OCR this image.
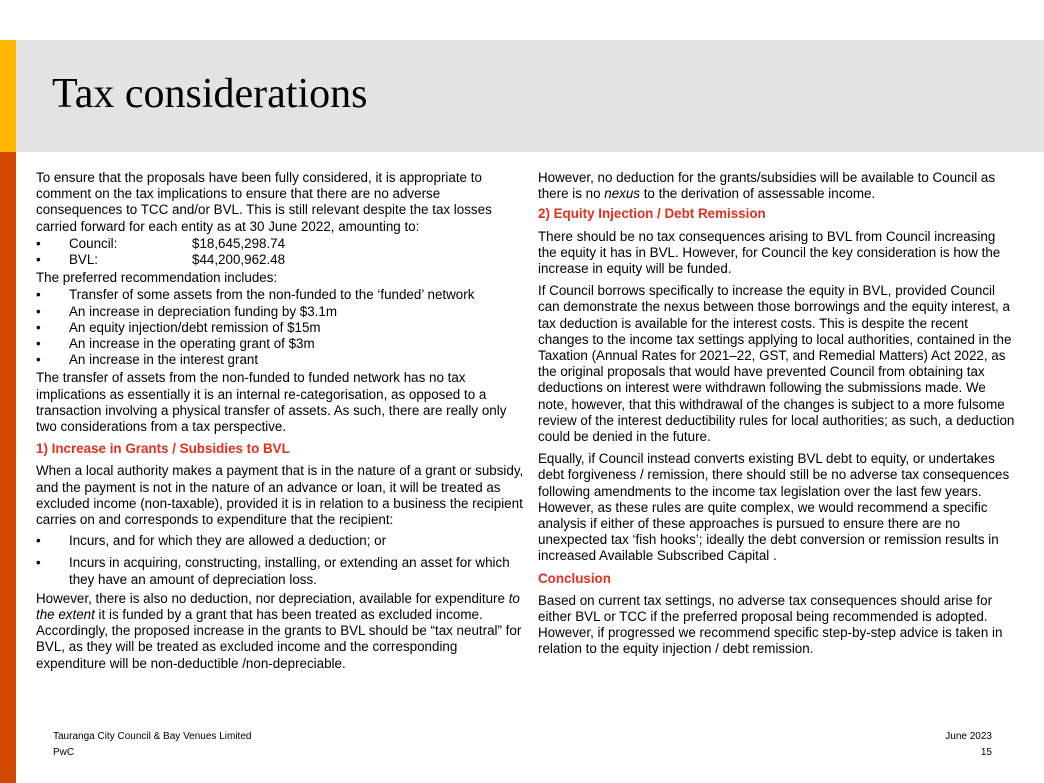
Tax considerations

To ensure that the proposals have been fully considered, it is appropriate to comment on the tax implications to ensure that there are no adverse consequences to TCC and/or BVL. This is still relevant despite the tax losses carried forward for each entity as at 30 June 2022, amounting to:

•	Council:	$18,645,298.74
•	BVL:	$44,200,962.48

The preferred recommendation includes:

•	Transfer of some assets from the non-funded to the ‘funded’ network
•	An increase in depreciation funding by $3.1m
•	An equity injection/debt remission of $15m
•	An increase in the operating grant of $3m
•	An increase in the interest grant

The transfer of assets from the non-funded to funded network has no tax implications as essentially it is an internal re-categorisation, as opposed to a transaction involving a physical transfer of assets. As such, there are really only two considerations from a tax perspective.

1) Increase in Grants / Subsidies to BVL

When a local authority makes a payment that is in the nature of a grant or subsidy, and the payment is not in the nature of an advance or loan, it will be treated as excluded income (non-taxable), provided it is in relation to a business the recipient carries on and corresponds to expenditure that the recipient:

•	Incurs, and for which they are allowed a deduction; or
•	Incurs in acquiring, constructing, installing, or extending an asset for which they have an amount of depreciation loss.

However, there is also no deduction, nor depreciation, available for expenditure to the extent it is funded by a grant that has been treated as excluded income. Accordingly, the proposed increase in the grants to BVL should be “tax neutral” for BVL, as they will be treated as excluded income and the corresponding expenditure will be non-deductible /non-depreciable.

However, no deduction for the grants/subsidies will be available to Council as there is no nexus to the derivation of assessable income.

2) Equity Injection / Debt Remission

There should be no tax consequences arising to BVL from Council increasing the equity it has in BVL. However, for Council the key consideration is how the increase in equity will be funded.

If Council borrows specifically to increase the equity in BVL, provided Council can demonstrate the nexus between those borrowings and the equity interest, a tax deduction is available for the interest costs. This is despite the recent changes to the income tax settings applying to local authorities, contained in the Taxation (Annual Rates for 2021–22, GST, and Remedial Matters) Act 2022, as the original proposals that would have prevented Council from obtaining tax deductions on interest were withdrawn following the submissions made. We note, however, that this withdrawal of the changes is subject to a more fulsome review of the interest deductibility rules for local authorities; as such, a deduction could be denied in the future.

Equally, if Council instead converts existing BVL debt to equity, or undertakes debt forgiveness / remission, there should still be no adverse tax consequences following amendments to the income tax legislation over the last few years. However, as these rules are quite complex, we would recommend a specific analysis if either of these approaches is pursued to ensure there are no unexpected tax ‘fish hooks’; ideally the debt conversion or remission results in increased Available Subscribed Capital .

Conclusion

Based on current tax settings, no adverse tax consequences should arise for either BVL or TCC if the preferred proposal being recommended is adopted. However, if progressed we recommend specific step-by-step advice is taken in relation to the equity injection / debt remission.

Tauranga City Council & Bay Venues Limited
PwC
June 2023
15
